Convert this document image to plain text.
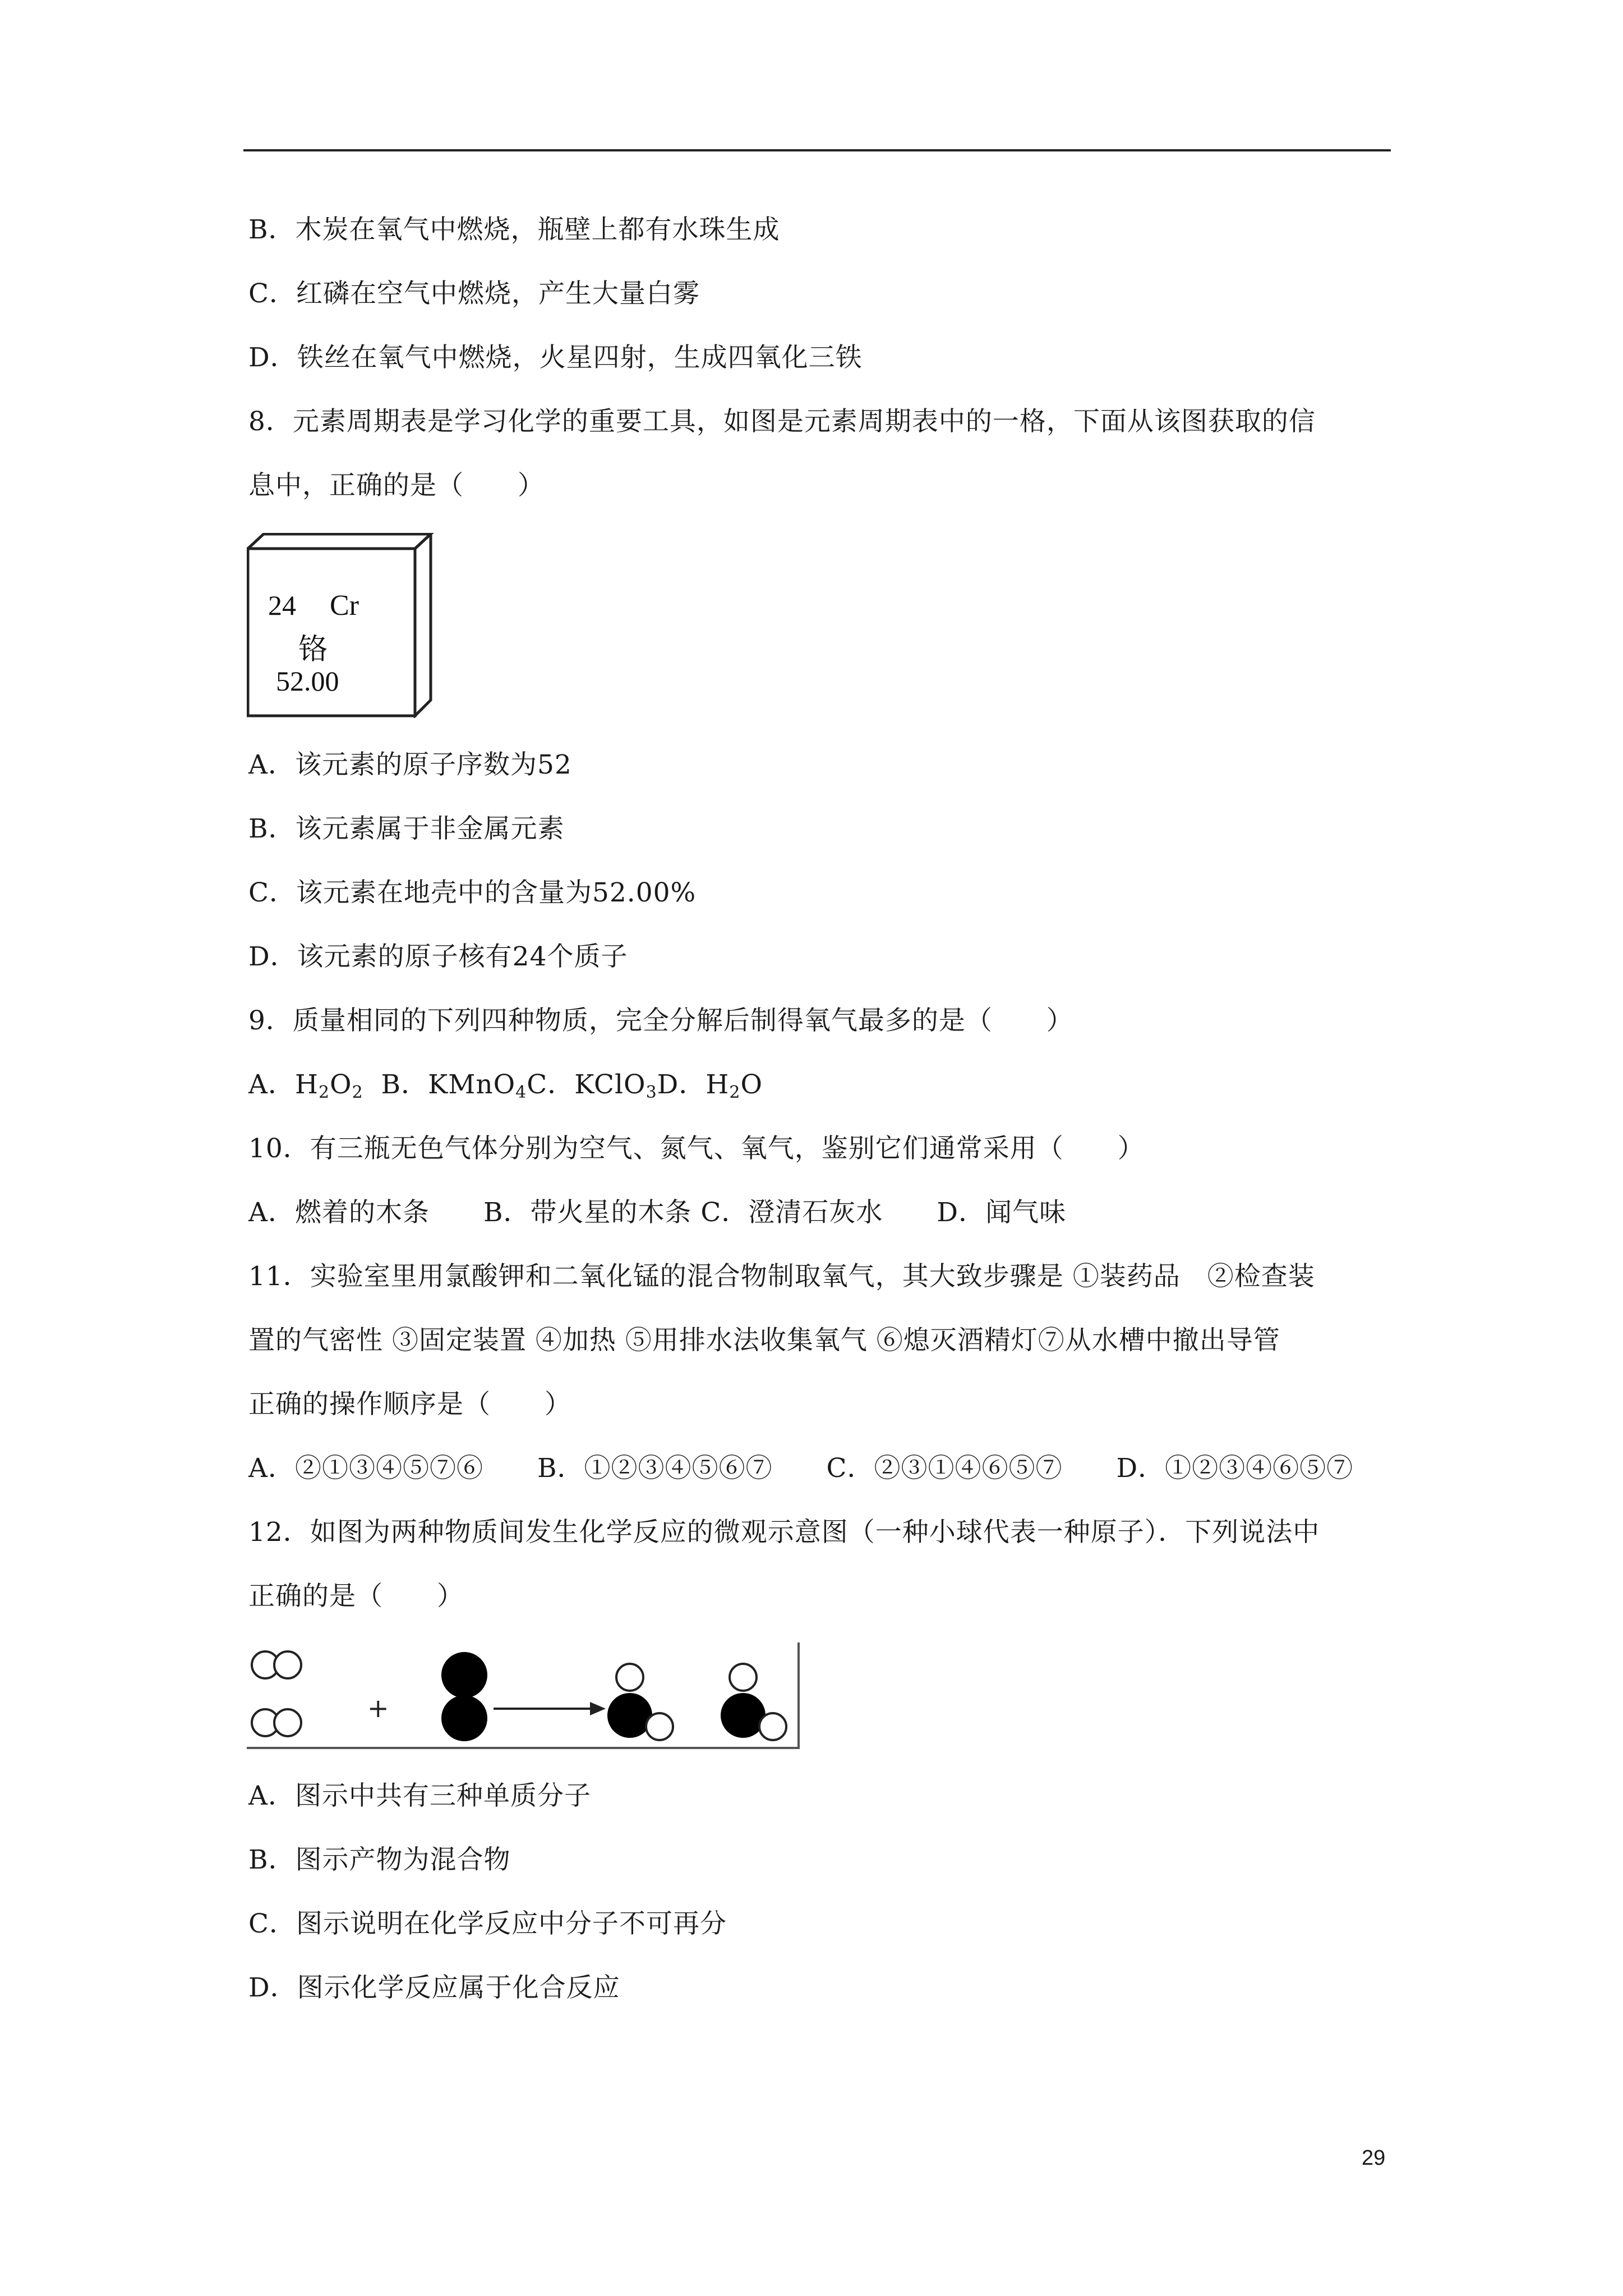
B．木炭在氧气中燃烧，瓶壁上都有水珠生成
C．红磷在空气中燃烧，产生大量白雾
D．铁丝在氧气中燃烧，火星四射，生成四氧化三铁
8．元素周期表是学习化学的重要工具，如图是元素周期表中的一格，下面从该图获取的信
息中，正确的是（　　）
24 Cr
铬
52.00
A．该元素的原子序数为52
B．该元素属于非金属元素
C．该元素在地壳中的含量为52.00%
D．该元素的原子核有24个质子
9．质量相同的下列四种物质，完全分解后制得氧气最多的是（　　）
A．$H_2O_2$  B．KMnO$_4$C．KClO$_3$D．$H_2O$
10．有三瓶无色气体分别为空气、氮气、氧气，鉴别它们通常采用（　　）
A．燃着的木条　　B．带火星的木条 C．澄清石灰水　　D．闻气味
11．实验室里用氯酸钾和二氧化锰的混合物制取氧气，其大致步骤是 ①装药品　②检查装
置的气密性 ③固定装置 ④加热 ⑤用排水法收集氧气 ⑥熄灭酒精灯⑦从水槽中撤出导管
正确的操作顺序是（　　）
A．②①③④⑤⑦⑥　　B．①②③④⑤⑥⑦　　C．②③①④⑥⑤⑦　　D．①②③④⑥⑤⑦
12．如图为两种物质间发生化学反应的微观示意图（一种小球代表一种原子）．下列说法中
正确的是（　　）
+
A．图示中共有三种单质分子
B．图示产物为混合物
C．图示说明在化学反应中分子不可再分
D．图示化学反应属于化合反应
29
